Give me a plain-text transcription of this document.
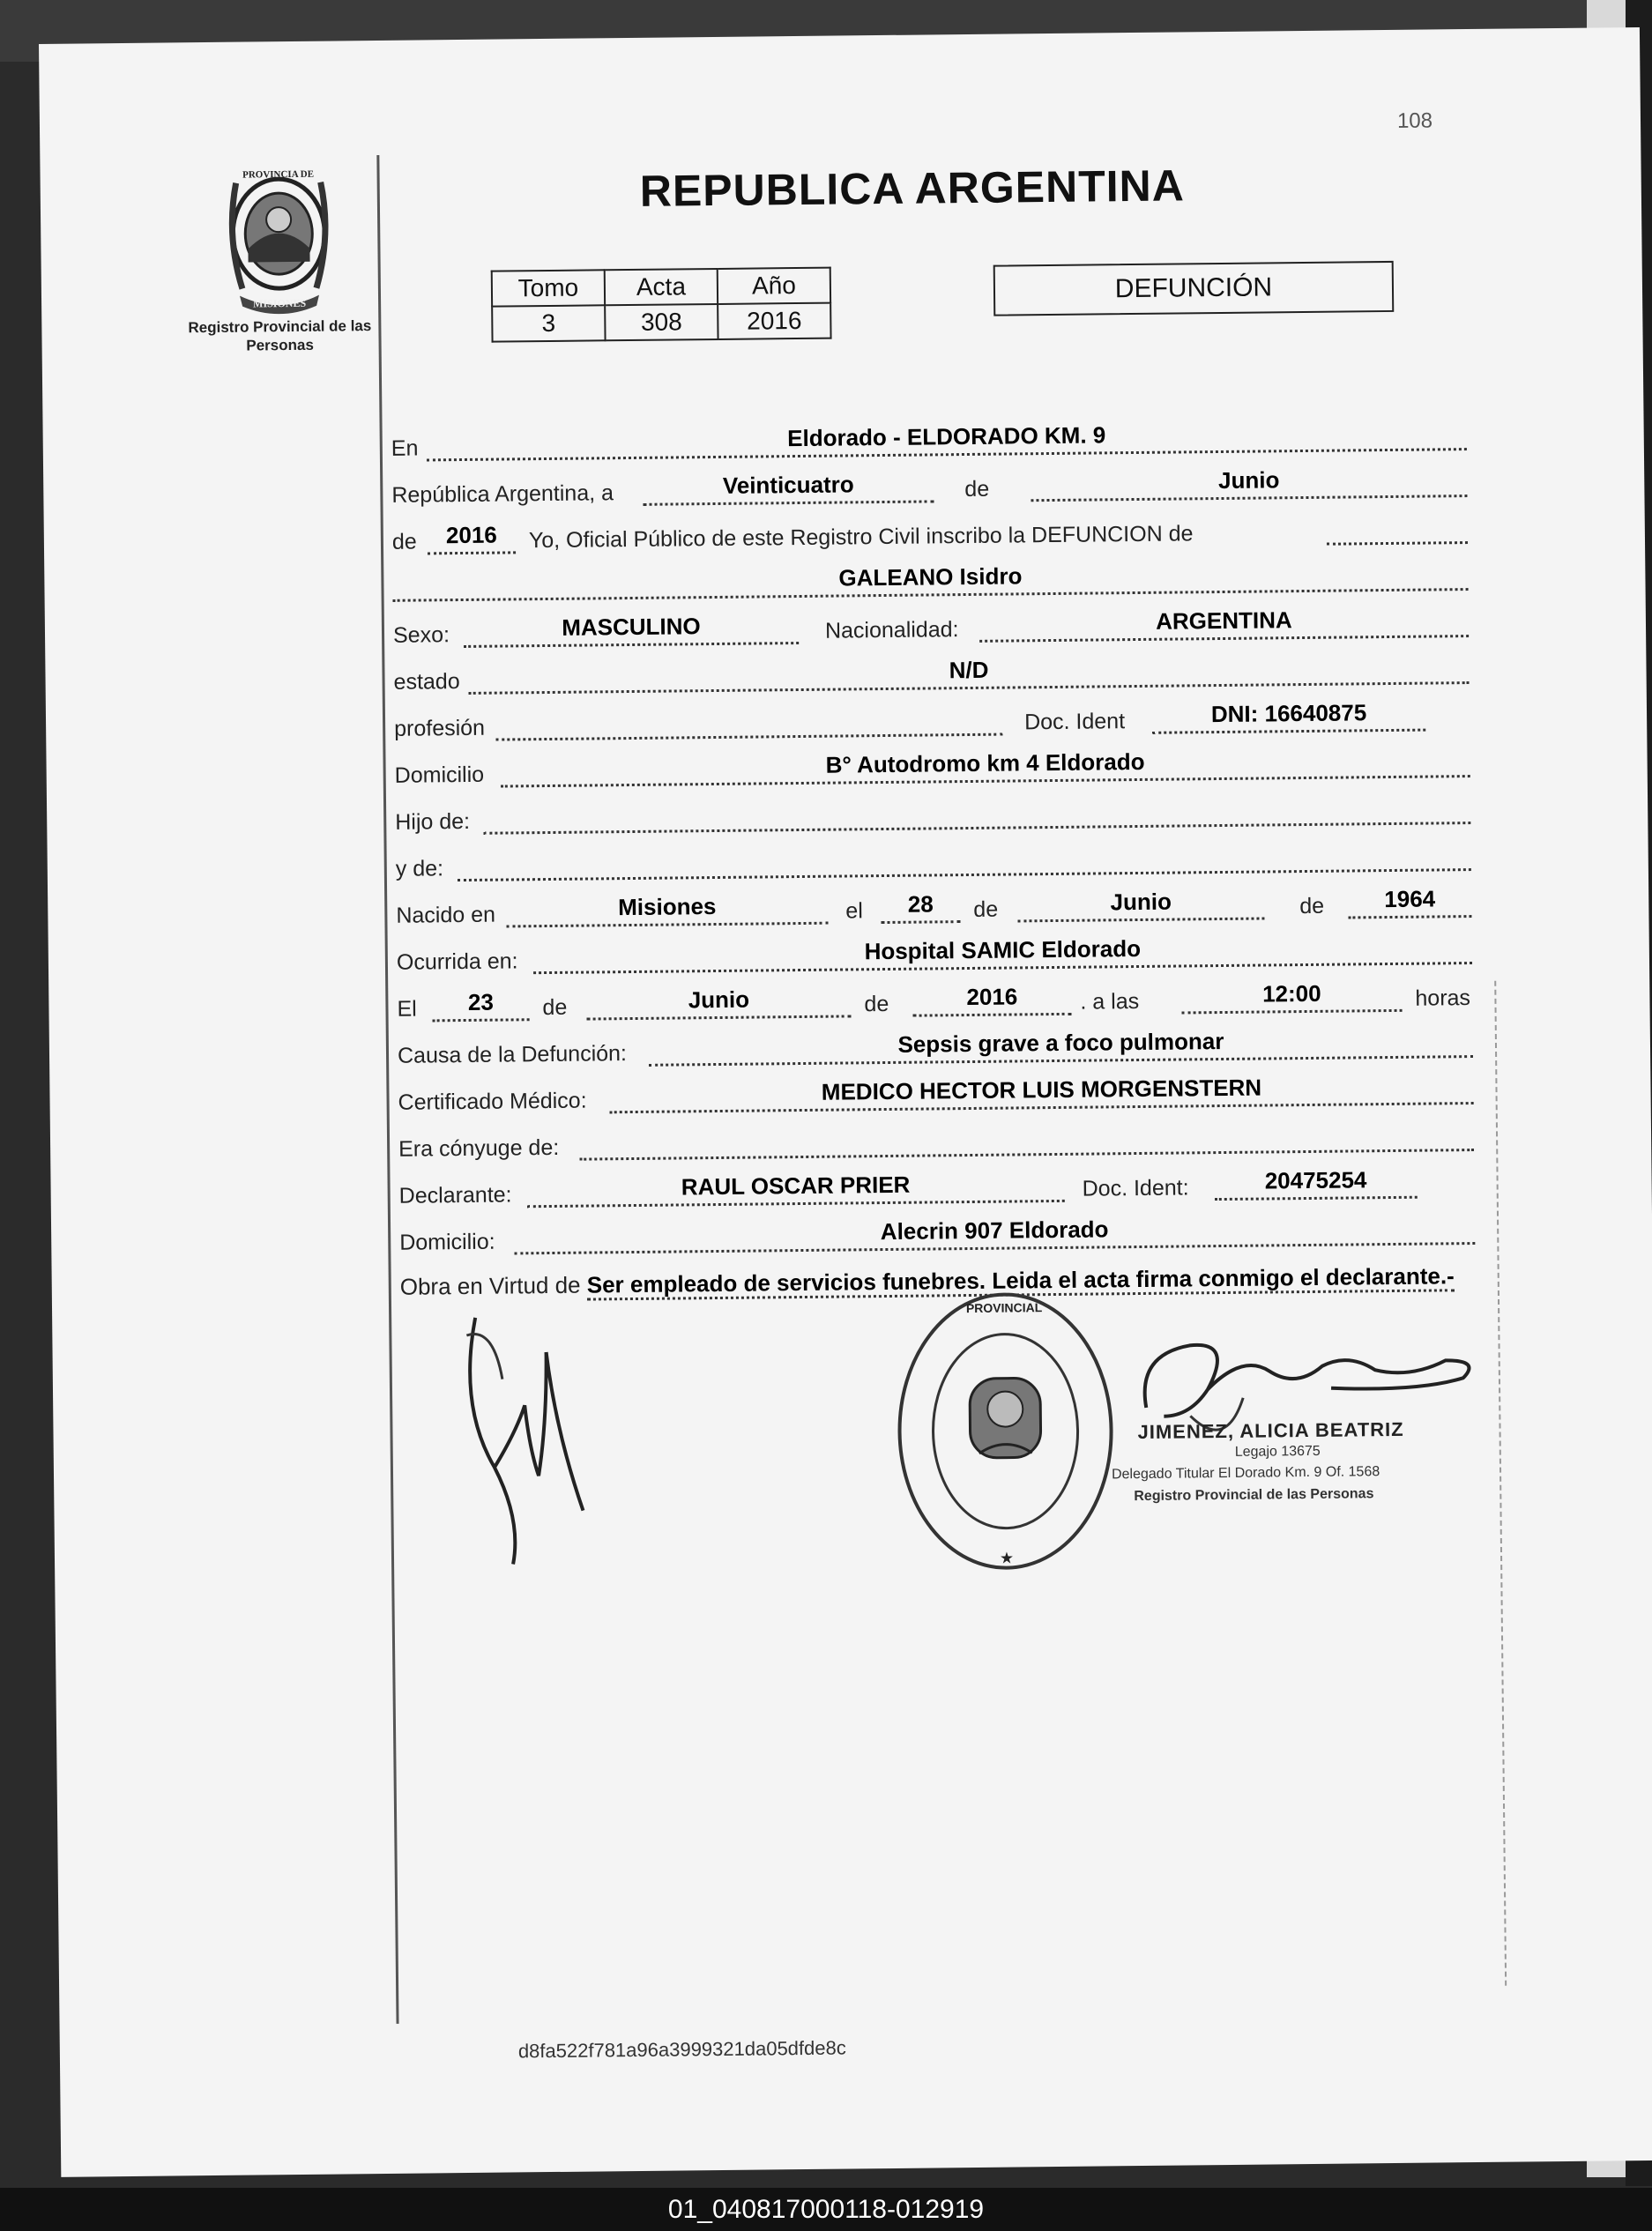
108
PROVINCIA DE
MISIONES
Registro Provincial de las Personas
REPUBLICA ARGENTINA
Tomo	Acta	Año
3	308	2016
DEFUNCIÓN
En	Eldorado - ELDORADO KM. 9
República Argentina, a	Veinticuatro	de	Junio
de	2016	Yo, Oficial Público de este Registro Civil inscribo la DEFUNCION de
GALEANO Isidro
Sexo:	MASCULINO	Nacionalidad:	ARGENTINA
estado	N/D
profesión	Doc. Ident	DNI: 16640875
Domicilio	B° Autodromo km 4 Eldorado
Hijo de:
y de:
Nacido en	Misiones	el	28	de	Junio	de	1964
Ocurrida en:	Hospital SAMIC Eldorado
El	23	de	Junio	de	2016	. a las	12:00	horas
Causa de la Defunción:	Sepsis grave a foco pulmonar
Certificado Médico:	MEDICO HECTOR LUIS MORGENSTERN
Era cónyuge de:
Declarante:	RAUL OSCAR PRIER	Doc. Ident:	20475254
Domicilio:	Alecrin 907 Eldorado
Obra en Virtud de Ser empleado de servicios funebres. Leida el acta firma conmigo el declarante.-
PROVINCIAL
★
JIMENEZ, ALICIA BEATRIZ
Legajo 13675
Delegado Titular El Dorado Km. 9 Of. 1568
Registro Provincial de las Personas
d8fa522f781a96a3999321da05dfde8c
01_040817000118-012919
